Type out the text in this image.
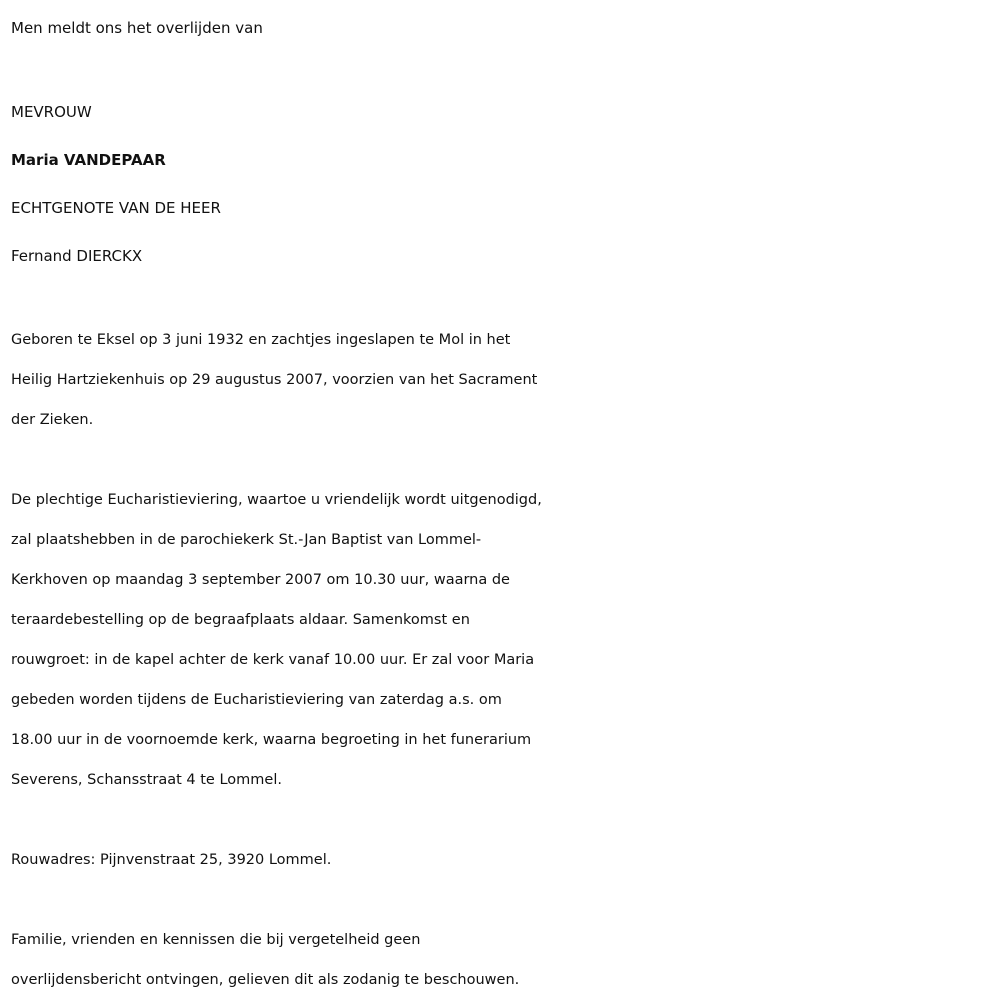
Men meldt ons het overlijden van

MEVROUW

Maria VANDEPAAR

ECHTGENOTE VAN DE HEER

Fernand DIERCKX

Geboren te Eksel op 3 juni 1932 en zachtjes ingeslapen te Mol in het
Heilig Hartziekenhuis op 29 augustus 2007, voorzien van het Sacrament
der Zieken.
De plechtige Eucharistieviering, waartoe u vriendelijk wordt uitgenodigd,
zal plaatshebben in de parochiekerk St.-Jan Baptist van Lommel-
Kerkhoven op maandag 3 september 2007 om 10.30 uur, waarna de
teraardebestelling op de begraafplaats aldaar. Samenkomst en
rouwgroet: in de kapel achter de kerk vanaf 10.00 uur. Er zal voor Maria
gebeden worden tijdens de Eucharistieviering van zaterdag a.s. om
18.00 uur in de voornoemde kerk, waarna begroeting in het funerarium
Severens, Schansstraat 4 te Lommel.

Rouwadres: Pijnvenstraat 25, 3920 Lommel.

Familie, vrienden en kennissen die bij vergetelheid geen
overlijdensbericht ontvingen, gelieven dit als zodanig te beschouwen.
